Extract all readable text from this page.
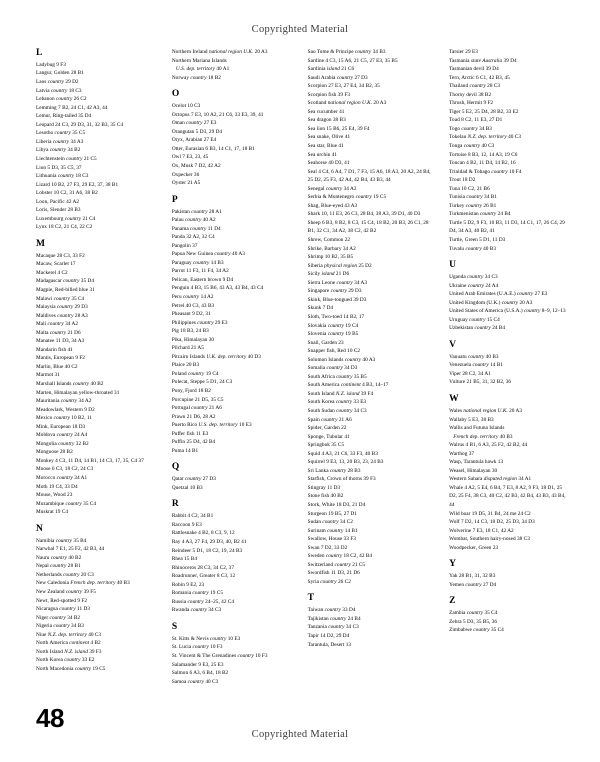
Copyrighted Material
L
Ladybug 9 F3
Langur, Golden 28 B1
Laos country 29 D2
Latvia country 18 C3
Lebanon country 26 C2
Lemming 7 B2, 24 C1, 42 A3, 44
Lemur, Ring-tailed 35 D4
Leopard 24 C3, 29 D3, 31, 32 B3, 35 C4
Lesotho country 35 C5
Liberia country 34 A3
Libya country 34 B2
Liechtenstein country 21 C5
Lion 5 D3, 35 C5, 37
Lithuania country 18 C3
Lizard 10 B2, 27 F3, 29 E2, 37, 38 B1
Lobster 10 C2, 31 A6, 38 B2
Loon, Pacific 42 A2
Loris, Slender 28 B3
Luxembourg country 21 C4
Lynx 18 C2, 21 C4, 22 C2
M
Macaque 28 C3, 33 F2
Macaw, Scarlet 17
Mackerel 4 C2
Madagascar country 35 D4
Magpie, Red-billed blue 31
Malawi country 35 C4
Malaysia country 29 D3
Maldives country 28 A3
Mali country 34 A2
Malta country 21 D6
Manatee 11 D3, 34 A3
Mandarin fish 41
Mantis, European 9 F2
Marlin, Blue 40 C2
Marmot 31
Marshall Islands country 40 B2
Marten, Himalayan yellow-throated 31
Mauritania country 34 A2
Meadowlark, Western 9 D2
Mexico country 10 B2, 11
Mink, European 18 D3
Moldova country 24 A4
Mongolia country 32 B2
Mongoose 28 B2
Monkey 4 C3, 11 D4, 14 B1, 14 C3, 17, 35, C4 37
Moose 6 C3, 18 C2, 24 C3
Morocco country 34 A1
Moth 19 C4, 33 D4
Mouse, Wood 23
Mozambique country 35 C4
Muskrat 19 C4
N
Namibia country 35 B4
Narwhal 7 E1, 25 F2, 42 B3, 44
Nauru country 40 B2
Nepal country 28 B1
Netherlands country 20 C3
New Caledonia French dep. territory 40 B3
New Zealand country 39 F5
Newt, Red-spotted 9 F2
Nicaragua country 11 D3
Niger country 34 B2
Nigeria country 34 B3
Niue N.Z. dep. territory 40 C3
North America continent 4 B2
North Island N.Z. island 39 F3
North Korea country 33 E2
North Macedonia country 19 C5
Northern Ireland national region U.K. 20 A3
Northern Mariana Islands
U.S. dep. territory 40 A1
Norway country 18 B2
O
Ocelot 10 C3
Octopus 7 E3, 10 A2, 21 C6, 33 E3, 39, 41
Oman country 27 E3
Orangutan 5 D3, 29 D4
Oryx, Arabian 27 E4
Otter, Eurasian 6 B3, 14 C1, 17, 18 B1
Owl 7 E3, 23, 45
Ox, Musk 7 D2, 42 A2
Oxpecker 36
Oyster 21 A5
P
Pakistan country 28 A1
Palau country 40 A2
Panama country 11 D4
Panda 32 A2, 32 C4
Pangolin 37
Papua New Guinea country 40 A3
Paraguay country 14 B3
Parrot 11 F3, 11 F4, 34 A2
Pelican, Eastern brown 9 D4
Penguin 4 B3, 15 B6, 43 A3, 43 B4, 43 C4
Peru country 14 A2
Petrel 40 C3, 43 B3
Pheasant 9 D2, 31
Philippines country 29 E3
Pig 18 B3, 24 B3
Pika, Himalayan 30
Pilchard 21 A5
Pitcairn Islands U.K. dep. territory 40 D3
Plaice 20 B3
Poland country 19 C4
Polecat, Steppe 5 D1, 24 C3
Pony, Fjord 18 B2
Porcupine 21 D5, 35 C5
Portugal country 21 A6
Prawn 21 D6, 28 A2
Puerto Rico U.S. dep. territory 10 E3
Puffer fish 11 E3
Puffin 25 D4, 42 B4
Puma 14 B1
Q
Qatar country 27 D3
Quetzal 10 B3
R
Rabbit 4 C2, 34 B1
Raccoon 9 E3
Rattlesnake 4 B2, 8 C3, 9, 12
Ray 4 A3, 27 F4, 29 D3, 40, B2 41
Reindeer 5 D1, 18 C2, 19, 24 B3
Rhea 15 B4
Rhinoceros 28 C3, 34 C2, 37
Roadrunner, Greater 8 C3, 12
Robin 9 E2, 23
Romania country 19 C5
Russia country 24–25, 42 C4
Rwanda country 34 C3
S
St. Kitts & Nevis country 10 E3
St. Lucia country 10 F3
St. Vincent & The Grenadines country 10 F3
Salamander 9 E3, 25 E3
Salmon 6 A3, 6 B4, 18 B2
Samoa country 40 C3
Sao Tome & Principe country 34 B3
Sardine 4 C3, 15 A6, 21 C5, 27 E3, 35 B5
Sardinia island 21 C6
Saudi Arabia country 27 D3
Scorpion 27 E3, 27 E4, 34 B2, 35
Scorpion fish 39 F3
Scotland national region U.K. 20 A3
Sea cucumber 41
Sea dragon 38 B3
Sea lion 15 B6, 25 E4, 39 F4
Sea snake, Olive 41
Sea star, Blue 41
Sea urchin 41
Seahorse 40 D3, 41
Seal 4 C4, 6 A4, 7 D1, 7 F3, 15 A6, 18 A3, 20 A2, 24 B4, 25 D2, 25 F3, 42 A4, 42 B4, 43 B3, 44
Senegal country 34 A2
Serbia & Montenegro country 19 C5
Shag, Blue-eyed 43 A3
Shark 10, 11 E3, 26 C3, 28 B4, 38 A3, 39 D1, 40 D3
Sheep 6 B3, 8 B2, 8 C3, 15 C4, 18 B2, 20 B3, 26 C1, 28 B1, 32 C1, 34 A2, 38 C2, 42 B2
Shrew, Common 22
Shrike, Barbary 34 A2
Shrimp 10 B2, 35 B5
Siberia physical region 25 D2
Sicily island 21 D6
Sierra Leone country 34 A3
Singapore country 29 D3
Skink, Blue-tongued 39 D3
Skunk 7 D4
Sloth, Two-toed 14 B2, 17
Slovakia country 19 C4
Slovenia country 19 B5
Snail, Garden 23
Snapper fish, Red 10 C2
Solomon Islands country 40 A3
Somalia country 34 D3
South Africa country 35 B5
South America continent 4 B3, 14–17
South Island N.Z. island 39 F4
South Korea country 33 E3
South Sudan country 34 C3
Spain country 21 A6
Spider, Garden 22
Sponge, Tubular 41
Springbok 35 C5
Squid 4 A3, 21 C6, 33 F3, 40 B3
Squirrel 9 E3, 13, 20 B3, 23, 24 B3
Sri Lanka country 28 B3
Starfish, Crown of thorns 39 F3
Stingray 11 D3
Stone fish 40 B2
Stork, White 18 D3, 21 D4
Sturgeon 19 B5, 27 D1
Sudan country 34 C2
Surinam country 14 B1
Swallow, House 33 F3
Swan 7 D2, 33 D2
Sweden country 18 C2, 42 B4
Switzerland country 21 C5
Swordfish 11 D3, 21 D6
Syria country 26 C2
T
Taiwan country 33 D4
Tajikistan country 24 B4
Tanzania country 34 C3
Tapir 14 D2, 29 D4
Tarantula, Desert 13
Tarsier 29 E3
Tasmania state Australia 39 D4
Tasmanian devil 39 D4
Tern, Arctic 6 C1, 42 B3, 45
Thailand country 28 C3
Thorny devil 38 B2
Thrush, Hermit 9 F2
Tiger 5 E2, 25 D4, 28 B2, 33 E2
Toad 8 C2, 11 E3, 27 D1
Togo country 34 B3
Tokelau N.Z. dep. territory 40 C3
Tonga country 40 C3
Tortoise 8 B3, 12, 14 A3, 19 C6
Toucan 4 B2, 11 D4, 14 B2, 16
Trinidad & Tobago country 10 F4
Trout 18 D2
Tuna 10 C2, 21 B6
Tunisia country 34 B1
Turkey country 26 B1
Turkmenistan country 24 B4
Turtle 5 D2, 9 F3, 10 B3, 11 D3, 14 C1, 17, 26 C4, 29 D4, 34 A3, 40 B2, 41
Turtle, Green 5 D1, 11 D3
Tuvalu country 40 B3
U
Uganda country 34 C3
Ukraine country 24 A4
United Arab Emirates (U.A.E.) country 27 E3
United Kingdom (U.K.) country 20 A3
United States of America (U.S.A.) country 8–9, 12–13
Uruguay country 15 C4
Uzbekistan country 24 B4
V
Vanuatu country 40 B3
Venezuela country 14 B1
Viper 28 C2, 34 A1
Vulture 21 B5, 31, 32 B2, 36
W
Wales national region U.K. 20 A3
Wallaby 5 E3, 38 B3
Wallis and Futuna Islands
French dep. territory 40 B3
Walrus 4 B1, 6 A3, 25 F2, 42 B2, 44
Warthog 37
Wasp, Tarantula hawk 13
Weasel, Himalayan 30
Western Sahara disputed region 34 A1
Whale 4 A2, 5 E4, 6 B4, 7 E3, 8 A2, 9 F3, 18 D1, 25 D2, 25 F4, 38 C3, 40 C2, 42 B3, 42 B4, 43 B3, 43 B4, 44
Wild boar 19 D5, 31 B4, 24 me 24 C2
Wolf 7 D2, 14 C3, 18 D2, 25 D3, 34 D3
Wolverine 7 E3, 18 C1, 42 A2
Wombat, Southern hairy-nosed 38 C3
Woodpecker, Green 23
Y
Yak 28 B1, 31, 32 B3
Yemen country 27 D4
Z
Zambia country 35 C4
Zebra 5 D3, 35 B5, 36
Zimbabwe country 35 C4
48
Copyrighted Material
